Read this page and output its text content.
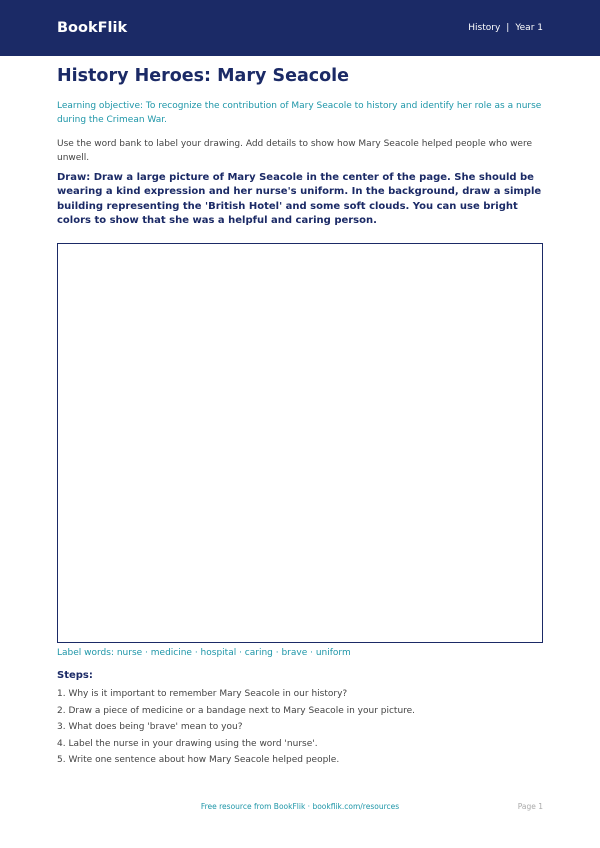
BookFlik	History | Year 1
History Heroes: Mary Seacole

Learning objective: To recognize the contribution of Mary Seacole to history and identify her role as a nurse during the Crimean War.

Use the word bank to label your drawing. Add details to show how Mary Seacole helped people who were unwell.

Draw: Draw a large picture of Mary Seacole in the center of the page. She should be wearing a kind expression and her nurse's uniform. In the background, draw a simple building representing the 'British Hotel' and some soft clouds. You can use bright colors to show that she was a helpful and caring person.

Label words: nurse · medicine · hospital · caring · brave · uniform

Steps:
1. Why is it important to remember Mary Seacole in our history?
2. Draw a piece of medicine or a bandage next to Mary Seacole in your picture.
3. What does being 'brave' mean to you?
4. Label the nurse in your drawing using the word 'nurse'.
5. Write one sentence about how Mary Seacole helped people.
Free resource from BookFlik · bookflik.com/resources	Page 1
